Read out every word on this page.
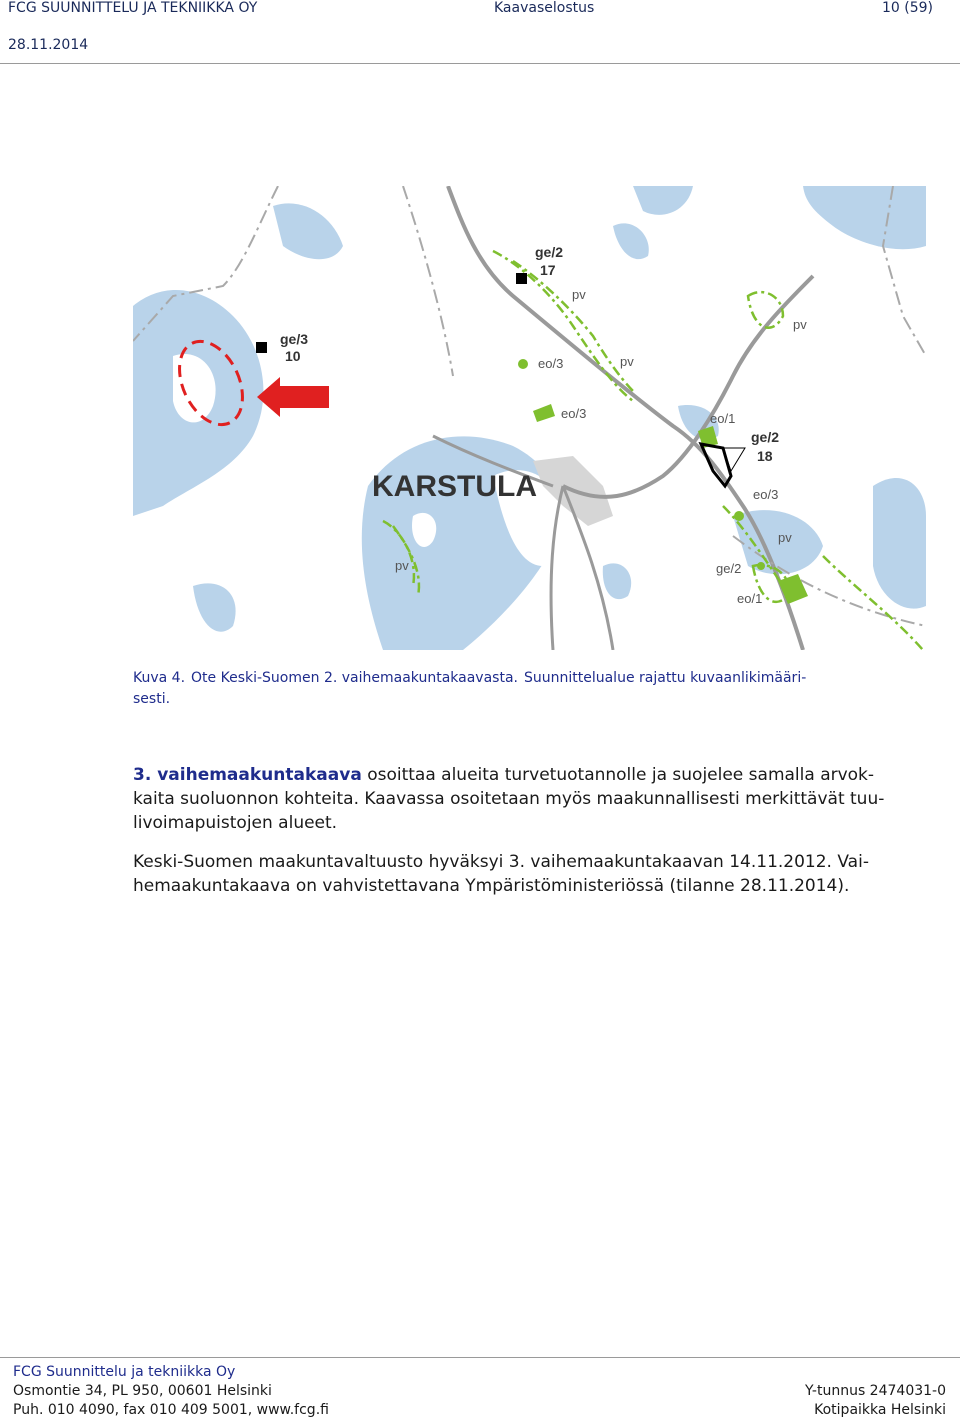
FCG SUUNNITTELU JA TEKNIIKKA OY	Kaavaselostus	10 (59)
28.11.2014
ge/3
10
ge/2
17
ge/2
18
pv
pv
pv
pv
pv
eo/3
eo/3
eo/3
eo/1
eo/1
ge/2
KARSTULA
Kuva 4. Ote Keski-Suomen 2. vaihemaakuntakaavasta. Suunnittelualue rajattu kuvaanlikimääri-
sesti.
3. vaihemaakuntakaava osoittaa alueita turvetuotannolle ja suojelee samalla arvok-
kaita suoluonnon kohteita. Kaavassa osoitetaan myös maakunnallisesti merkittävät tuu-
livoimapuistojen alueet.
Keski-Suomen maakuntavaltuusto hyväksyi 3. vaihemaakuntakaavan 14.11.2012. Vai-
hemaakuntakaava on vahvistettavana Ympäristöministeriössä (tilanne 28.11.2014).
FCG Suunnittelu ja tekniikka Oy
Osmontie 34, PL 950, 00601 Helsinki
Puh. 010 4090, fax 010 409 5001, www.fcg.fi
Y-tunnus 2474031-0
Kotipaikka Helsinki
